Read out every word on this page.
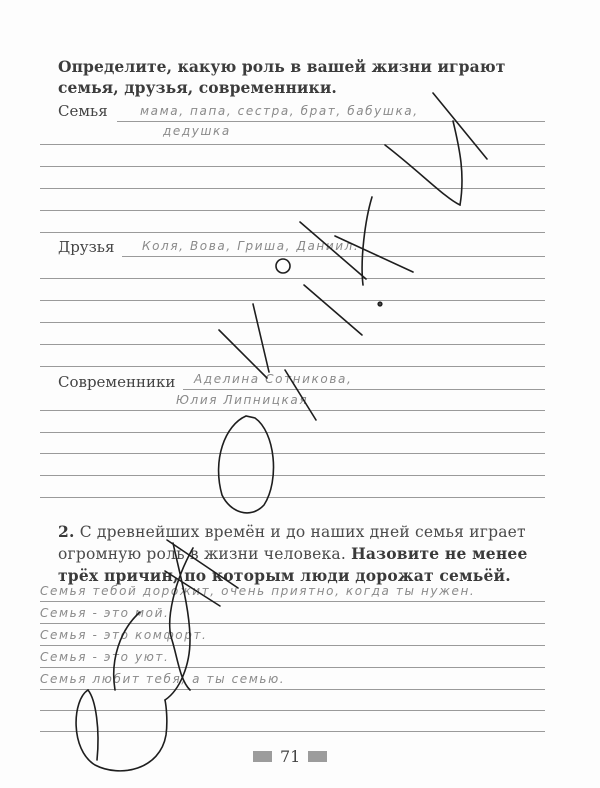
Определите, какую роль в вашей жизни играют семья, друзья, современники.
Семья	мама, папа, сестра, брат, бабушка,
дедушка
Друзья Коля, Вова, Гриша, Даниил.
Современники Аделина Сотникова,
Юлия Липницкая
2. С древнейших времён и до наших дней семья играет огромную роль в жизни человека. Назовите не менее трёх причин, по которым люди дорожат семьёй.
Семья тебой дорожит, очень приятно, когда ты нужен.
Семья - это мой.
Семья - это комфорт.
Семья - это уют.
Семья любит тебя, а ты семью.
71
